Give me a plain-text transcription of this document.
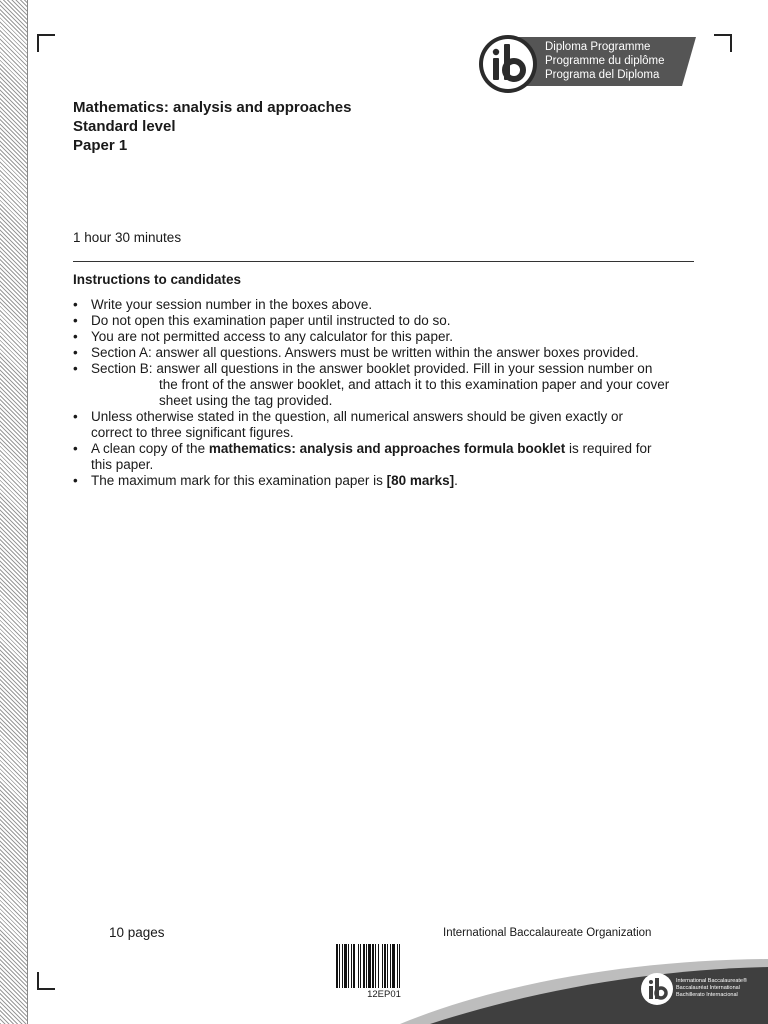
Diploma Programme
Programme du diplôme
Programa del Diploma
Mathematics: analysis and approaches
Standard level
Paper 1
1 hour 30 minutes
Instructions to candidates
• Write your session number in the boxes above.
• Do not open this examination paper until instructed to do so.
• You are not permitted access to any calculator for this paper.
• Section A: answer all questions. Answers must be written within the answer boxes provided.
• Section B: answer all questions in the answer booklet provided. Fill in your session number on
the front of the answer booklet, and attach it to this examination paper and your cover
sheet using the tag provided.
• Unless otherwise stated in the question, all numerical answers should be given exactly or
correct to three significant figures.
• A clean copy of the mathematics: analysis and approaches formula booklet is required for
this paper.
• The maximum mark for this examination paper is [80 marks].
10 pages	International Baccalaureate Organization
12EP01
International Baccalaureate®
Baccalauréat International
Bachillerato Internacional
